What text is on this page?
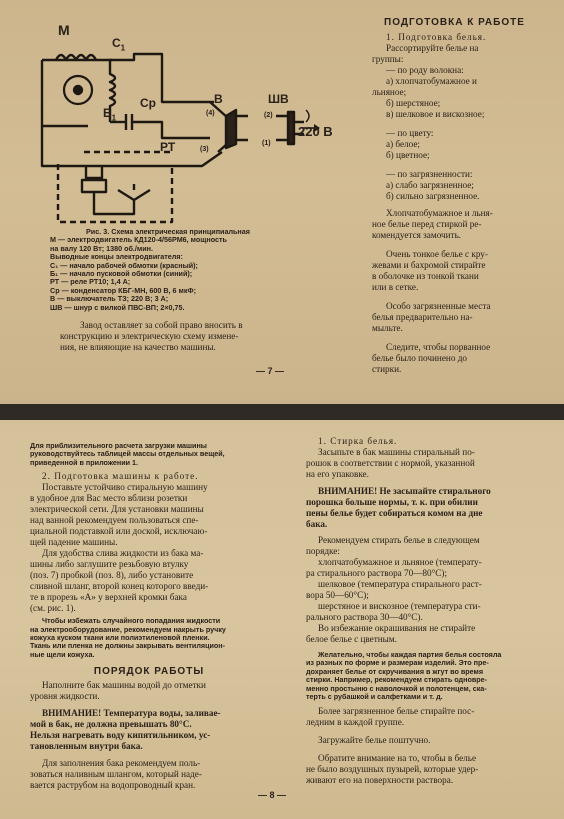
M
$C_1$
$Б_1$
Ср
РТ
В	ШВ
(4)
(3)
(2)
(1)
220 В
Рис. 3. Схема электрическая принципиальная
М — электродвигатель КД120-4/56РМ6, мощность
на валу 120 Вт; 1380 об./мин.
Выводные концы электродвигателя:
С₁ — начало рабочей обмотки (красный);
Б₁ — начало пусковой обмотки (синий);
РТ — реле РТ10; 1,4 А;
Ср — конденсатор КБГ-МН, 600 В, 6 мкФ;
В — выключатель ТЗ; 220 В; 3 А;
ШВ — шнур с вилкой ПВС-ВП; 2×0,75.
Завод оставляет за собой право вносить в
конструкцию и электрическую схему измене-
ния, не влияющие на качество машины.
ПОДГОТОВКА К РАБОТЕ
1. Подготовка белья.
Рассортируйте белье на
группы:
— по роду волокна:
а) хлопчатобумажное и
льняное;
б) шерстяное;
в) шелковое и вискозное;
— по цвету:
а) белое;
б) цветное;
— по загрязненности:
а) слабо загрязненное;
б) сильно загрязненное.
Хлопчатобумажное и льня-
ное белье перед стиркой ре-
комендуется замочить.
Очень тонкое белье с кру-
жевами и бахромой стирайте
в оболочке из тонкой ткани
или в сетке.
Особо загрязненные места
белья предварительно на-
мыльте.
Следите, чтобы порванное
белье было починено до
стирки.
— 7 —
Для приблизительного расчета загрузки машины
руководствуйтесь таблицей массы отдельных вещей,
приведенной в приложении 1.
2. Подготовка машины к работе.
Поставьте устойчиво стиральную машину
в удобное для Вас место вблизи розетки
электрической сети. Для установки машины
над ванной рекомендуем пользоваться спе-
циальной подставкой или доской, исключаю-
щей падение машины.
Для удобства слива жидкости из бака ма-
шины либо заглушите резьбовую втулку
(поз. 7) пробкой (поз. 8), либо установите
сливной шланг, второй конец которого введи-
те в прорезь «А» у верхней кромки бака
(см. рис. 1).
Чтобы избежать случайного попадания жидкости
на электрооборудование, рекомендуем накрыть ручку
кожуха куском ткани или полиэтиленовой пленки.
Ткань или пленка не должны закрывать вентиляцион-
ные щели кожуха.
ПОРЯДОК РАБОТЫ
Наполните бак машины водой до отметки
уровня жидкости.
ВНИМАНИЕ! Температура воды, заливае-
мой в бак, не должна превышать 80°С.
Нельзя нагревать воду кипятильником, ус-
тановленным внутри бака.
Для заполнения бака рекомендуем поль-
зоваться наливным шлангом, который наде-
вается раструбом на водопроводный кран.
1. Стирка белья.
Засыпьте в бак машины стиральный по-
рошок в соответствии с нормой, указанной
на его упаковке.
ВНИМАНИЕ! Не засыпайте стирального
порошка больше нормы, т. к. при обилии
пены белье будет собираться комом на дне
бака.
Рекомендуем стирать белье в следующем
порядке:
хлопчатобумажное и льняное (температу-
ра стирального раствора 70—80°С);
шелковое (температура стирального раст-
вора 50—60°С);
шерстяное и вискозное (температура сти-
рального раствора 30—40°С).
Во избежание окрашивания не стирайте
белое белье с цветным.
Желательно, чтобы каждая партия белья состояла
из разных по форме и размерам изделий. Это пре-
дохраняет белье от скручивания в жгут во время
стирки. Например, рекомендуем стирать одновре-
менно простыню с наволочкой и полотенцем, ска-
терть с рубашкой и салфетками и т. д.
Более загрязненное белье стирайте пос-
ледним в каждой группе.
Загружайте белье поштучно.
Обратите внимание на то, чтобы в белье
не было воздушных пузырей, которые удер-
живают его на поверхности раствора.
— 8 —
